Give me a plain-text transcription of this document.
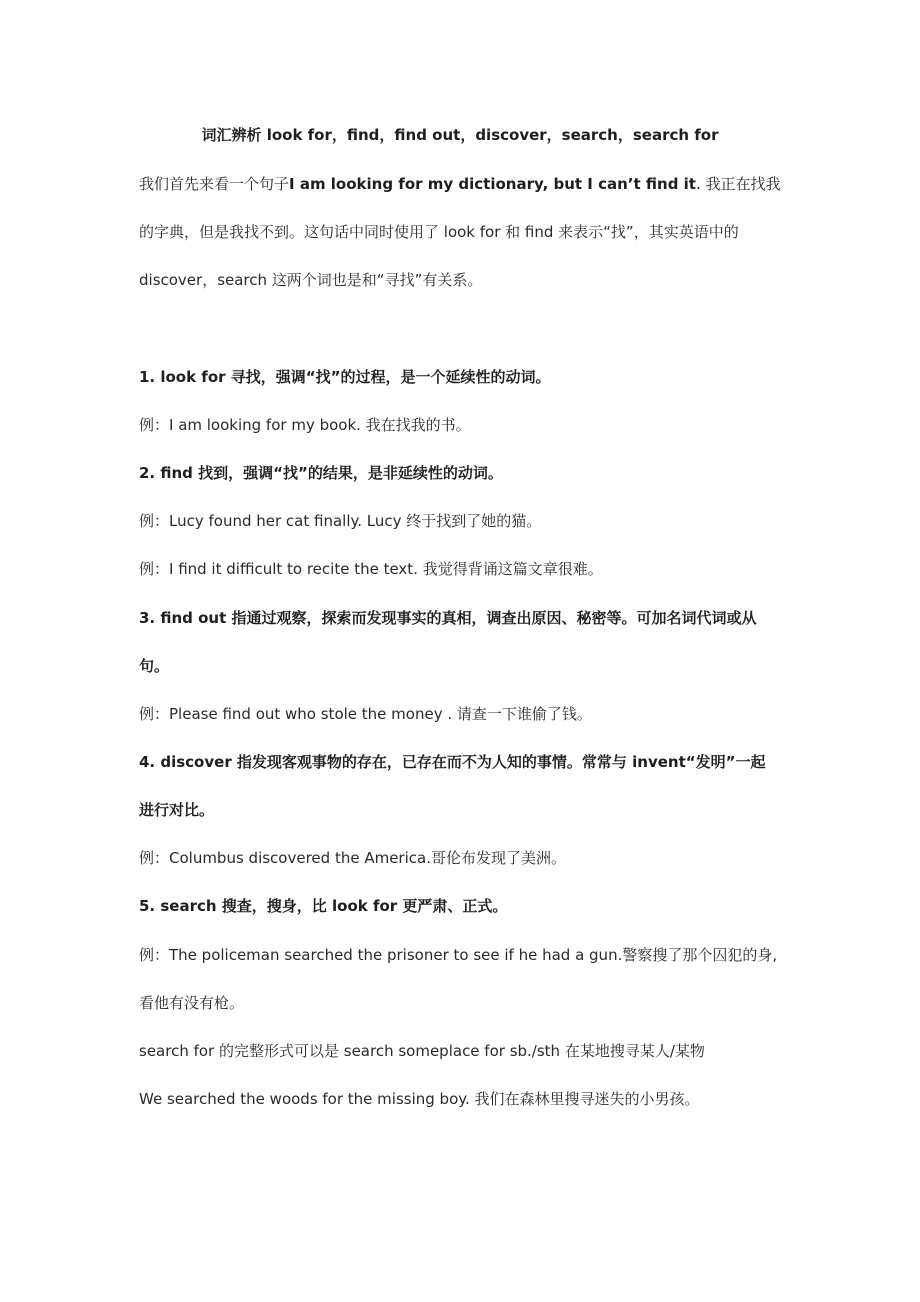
词汇辨析 look for，find，find out，discover，search，search for
我们首先来看一个句子I am looking for my dictionary, but I can’t find it. 我正在找我
的字典，但是我找不到。这句话中同时使用了 look for 和 find 来表示“找”，其实英语中的
discover，search 这两个词也是和“寻找”有关系。
1. look for 寻找，强调“找”的过程，是一个延续性的动词。
例：I am looking for my book. 我在找我的书。
2. find 找到，强调“找”的结果，是非延续性的动词。
例：Lucy found her cat finally. Lucy 终于找到了她的猫。
例：I find it difficult to recite the text. 我觉得背诵这篇文章很难。
3. find out 指通过观察，探索而发现事实的真相，调查出原因、秘密等。可加名词代词或从
句。
例：Please find out who stole the money . 请查一下谁偷了钱。
4. discover 指发现客观事物的存在，已存在而不为人知的事情。常常与 invent“发明”一起
进行对比。
例：Columbus discovered the America.哥伦布发现了美洲。
5. search 搜查，搜身，比 look for 更严肃、正式。
例：The policeman searched the prisoner to see if he had a gun.警察搜了那个囚犯的身,
看他有没有枪。
search for 的完整形式可以是 search someplace for sb./sth 在某地搜寻某人/某物
We searched the woods for the missing boy. 我们在森林里搜寻迷失的小男孩。
